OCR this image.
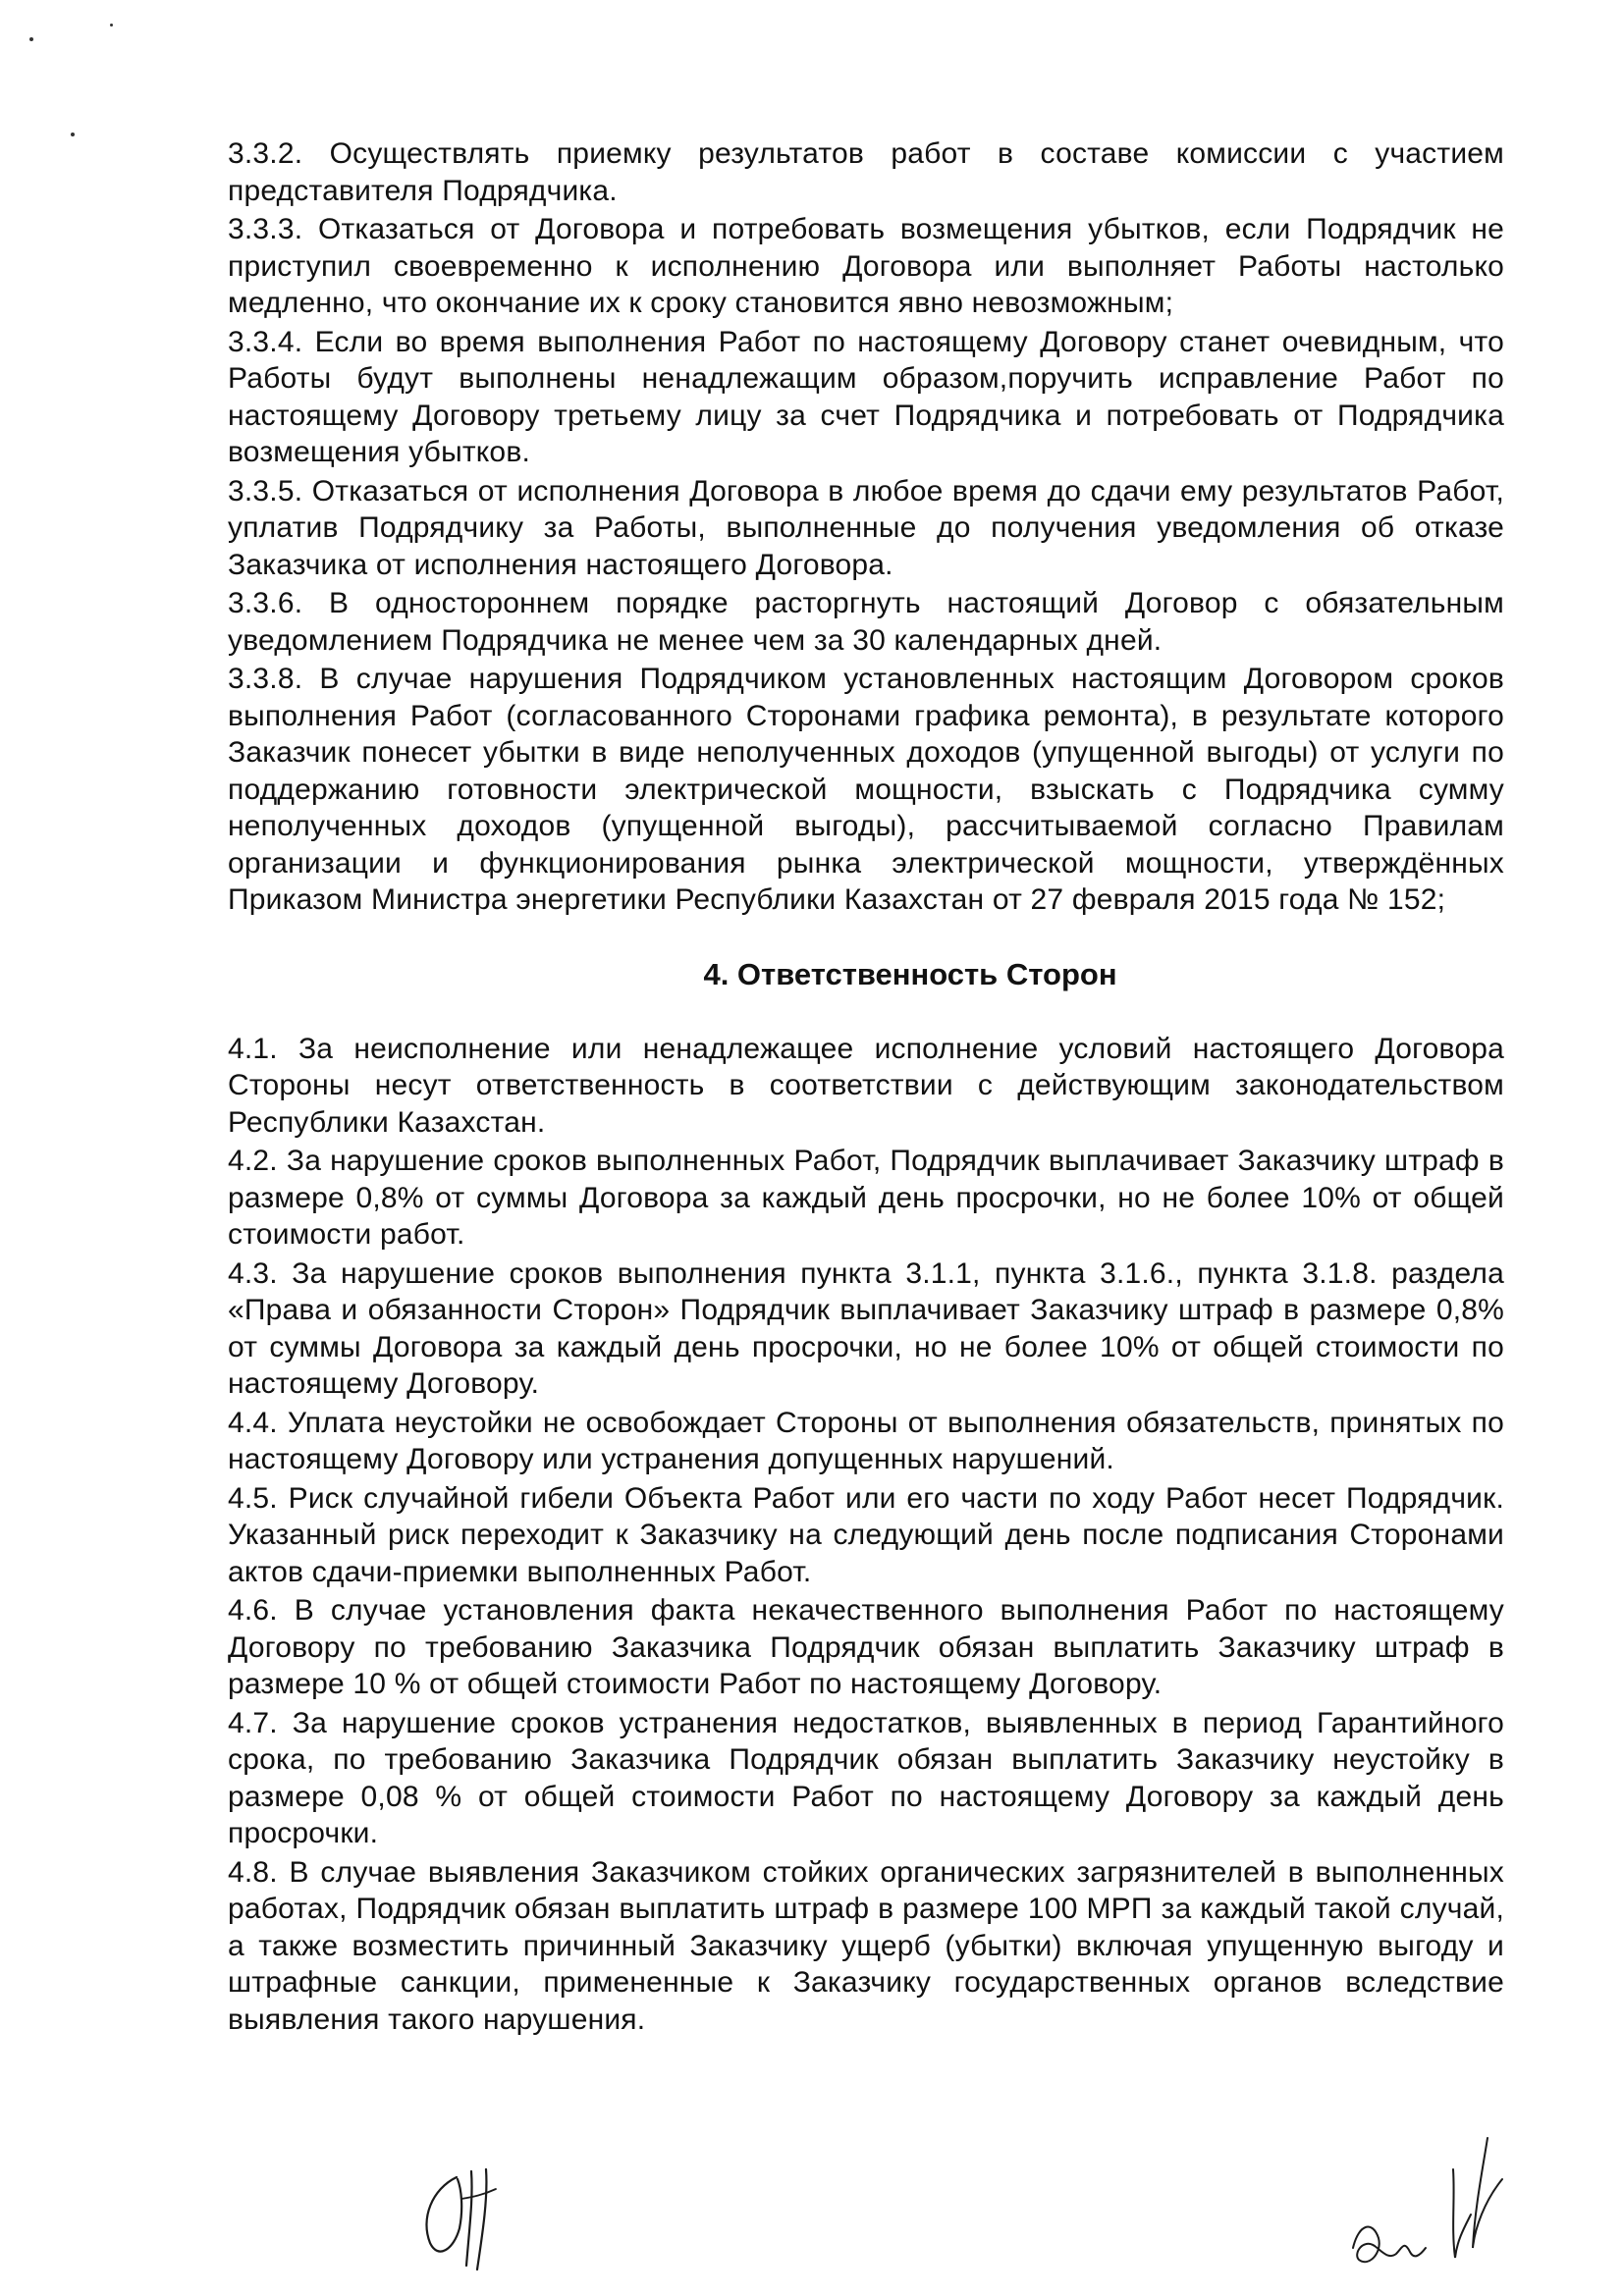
3.3.2. Осуществлять приемку результатов работ в составе комиссии с участием представителя Подрядчика.

3.3.3. Отказаться от Договора и потребовать возмещения убытков, если Подрядчик не приступил своевременно к исполнению Договора или выполняет Работы настолько медленно, что окончание их к сроку становится явно невозможным;

3.3.4. Если во время выполнения Работ по настоящему Договору станет очевидным, что Работы будут выполнены ненадлежащим образом,поручить исправление Работ по настоящему Договору третьему лицу за счет Подрядчика и потребовать от Подрядчика возмещения убытков.

3.3.5. Отказаться от исполнения Договора в любое время до сдачи ему результатов Работ, уплатив Подрядчику за Работы, выполненные до получения уведомления об отказе Заказчика от исполнения настоящего Договора.

3.3.6. В одностороннем порядке расторгнуть настоящий Договор с обязательным уведомлением Подрядчика не менее чем за 30 календарных дней.

3.3.8. В случае нарушения Подрядчиком установленных настоящим Договором сроков выполнения Работ (согласованного Сторонами графика ремонта), в результате которого Заказчик понесет убытки в виде неполученных доходов (упущенной выгоды) от услуги по поддержанию готовности электрической мощности, взыскать с Подрядчика сумму неполученных доходов (упущенной выгоды), рассчитываемой согласно Правилам организации и функционирования рынка электрической мощности, утверждённых Приказом Министра энергетики Республики Казахстан от 27 февраля 2015 года № 152;

4. Ответственность Сторон

4.1. За неисполнение или ненадлежащее исполнение условий настоящего Договора Стороны несут ответственность в соответствии с действующим законодательством Республики Казахстан.

4.2. За нарушение сроков выполненных Работ, Подрядчик выплачивает Заказчику штраф в размере 0,8% от суммы Договора за каждый день просрочки, но не более 10% от общей стоимости работ.

4.3. За нарушение сроков выполнения пункта 3.1.1, пункта 3.1.6., пункта 3.1.8. раздела «Права и обязанности Сторон» Подрядчик выплачивает Заказчику штраф в размере 0,8% от суммы Договора за каждый день просрочки, но не более 10% от общей стоимости по настоящему Договору.

4.4. Уплата неустойки не освобождает Стороны от выполнения обязательств, принятых по настоящему Договору или устранения допущенных нарушений.

4.5. Риск случайной гибели Объекта Работ или его части по ходу Работ несет Подрядчик. Указанный риск переходит к Заказчику на следующий день после подписания Сторонами актов сдачи-приемки выполненных Работ.

4.6. В случае установления факта некачественного выполнения Работ по настоящему Договору по требованию Заказчика Подрядчик обязан выплатить Заказчику штраф в размере 10 % от общей стоимости Работ по настоящему Договору.

4.7. За нарушение сроков устранения недостатков, выявленных в период Гарантийного срока, по требованию Заказчика Подрядчик обязан выплатить Заказчику неустойку в размере 0,08 % от общей стоимости Работ по настоящему Договору за каждый день просрочки.

4.8. В случае выявления Заказчиком стойких органических загрязнителей в выполненных работах, Подрядчик обязан выплатить штраф в размере 100 МРП за каждый такой случай, а также возместить причинный Заказчику ущерб (убытки) включая упущенную выгоду и штрафные санкции, примененные к Заказчику государственных органов вследствие выявления такого нарушения.
